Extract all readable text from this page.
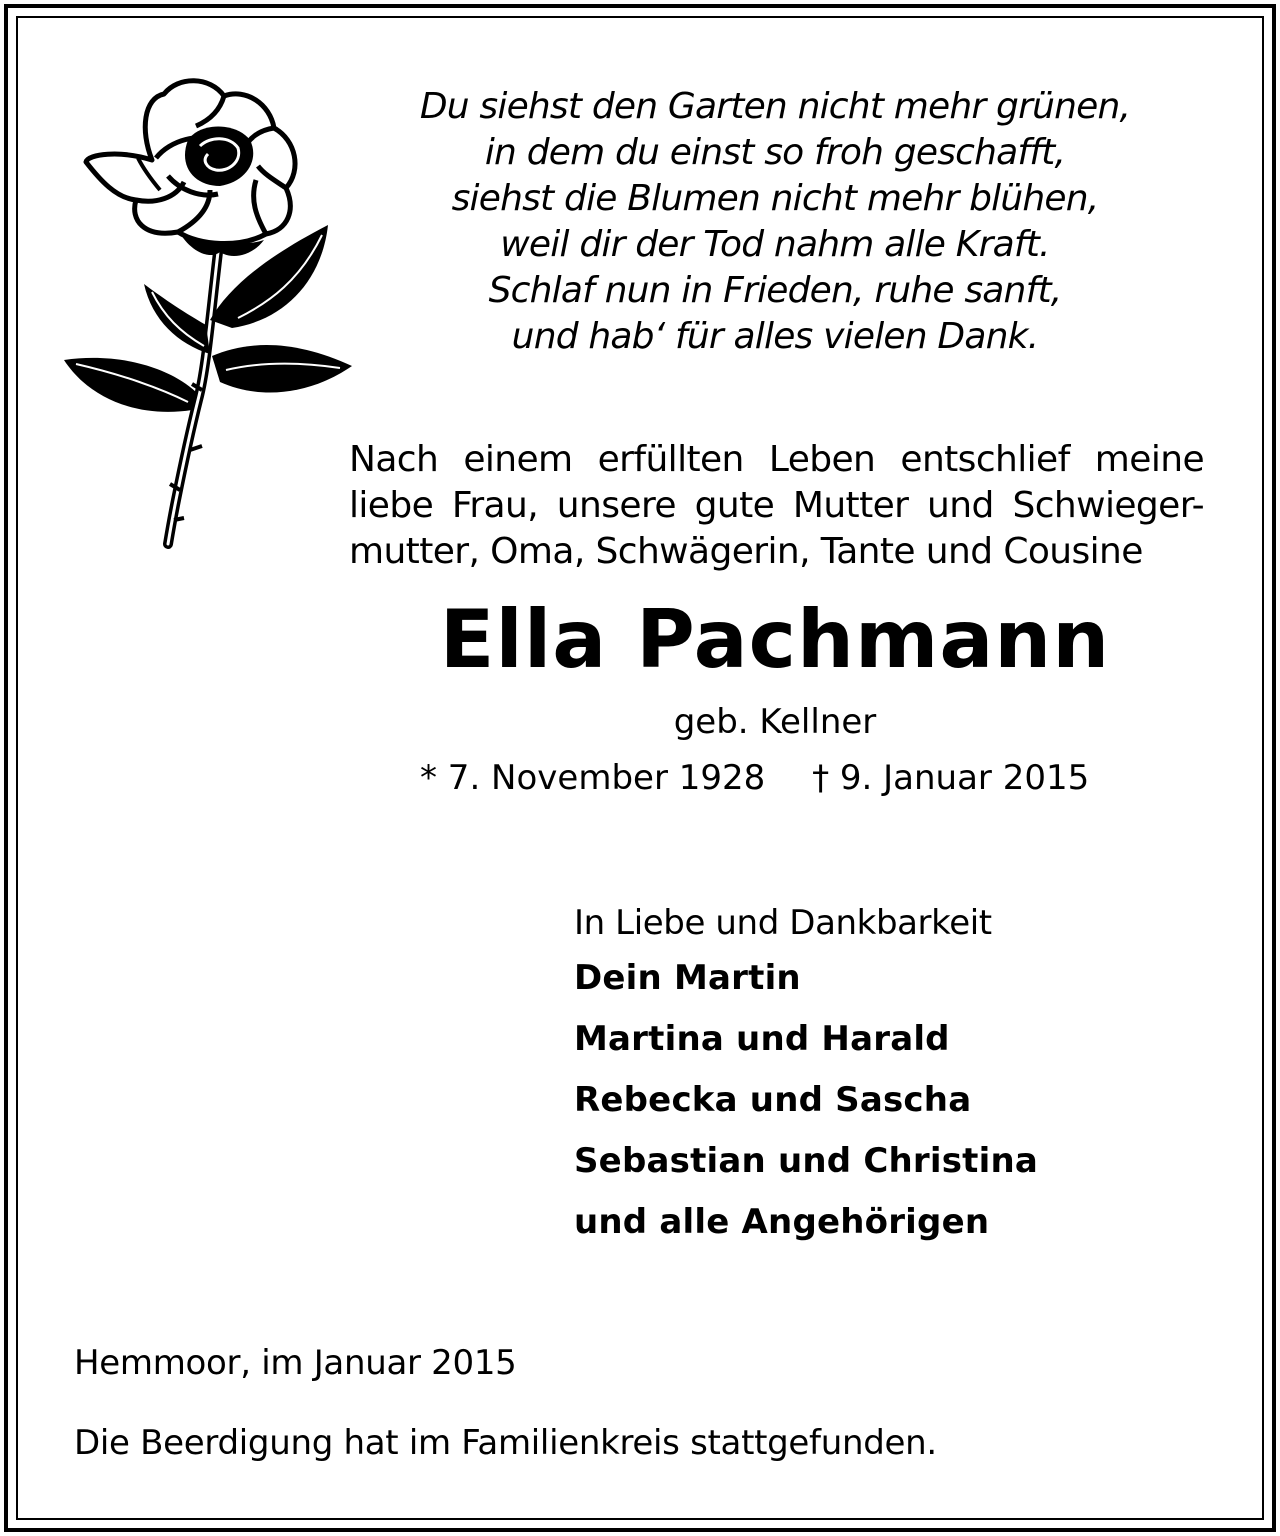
Du siehst den Garten nicht mehr grünen,
in dem du einst so froh geschafft,
siehst die Blumen nicht mehr blühen,
weil dir der Tod nahm alle Kraft.
Schlaf nun in Frieden, ruhe sanft,
und hab‘ für alles vielen Dank.
Nach einem erfüllten Leben entschlief meine
liebe Frau, unsere gute Mutter und Schwieger-
mutter, Oma, Schwägerin, Tante und Cousine
Ella Pachmann
geb. Kellner
* 7. November 1928 † 9. Januar 2015
In Liebe und Dankbarkeit
Dein Martin
Martina und Harald
Rebecka und Sascha
Sebastian und Christina
und alle Angehörigen
Hemmoor, im Januar 2015
Die Beerdigung hat im Familienkreis stattgefunden.
